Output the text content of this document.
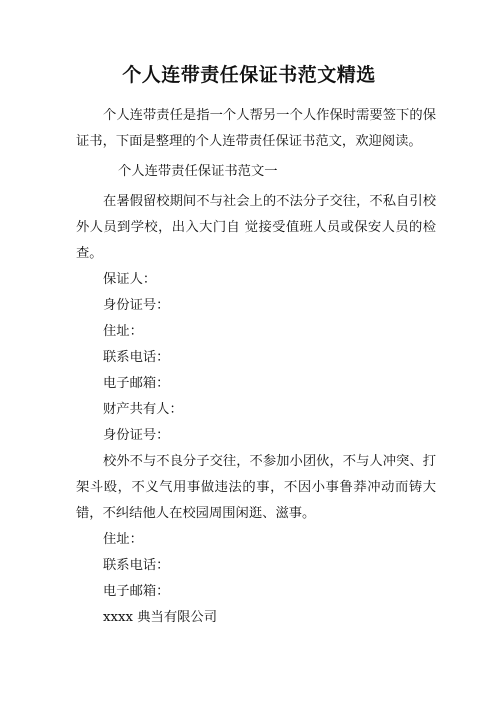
个人连带责任保证书范文精选

个人连带责任是指一个人帮另一个人作保时需要签下的保证书，下面是整理的个人连带责任保证书范文，欢迎阅读。

个人连带责任保证书范文一

在暑假留校期间不与社会上的不法分子交往，不私自引校外人员到学校，出入大门自 觉接受值班人员或保安人员的检查。

保证人：

身份证号：

住址：

联系电话：

电子邮箱：

财产共有人：

身份证号：

校外不与不良分子交往，不参加小团伙，不与人冲突、打架斗殴，不义气用事做违法的事，不因小事鲁莽冲动而铸大错，不纠结他人在校园周围闲逛、滋事。

住址：

联系电话：

电子邮箱：

xxxx 典当有限公司
